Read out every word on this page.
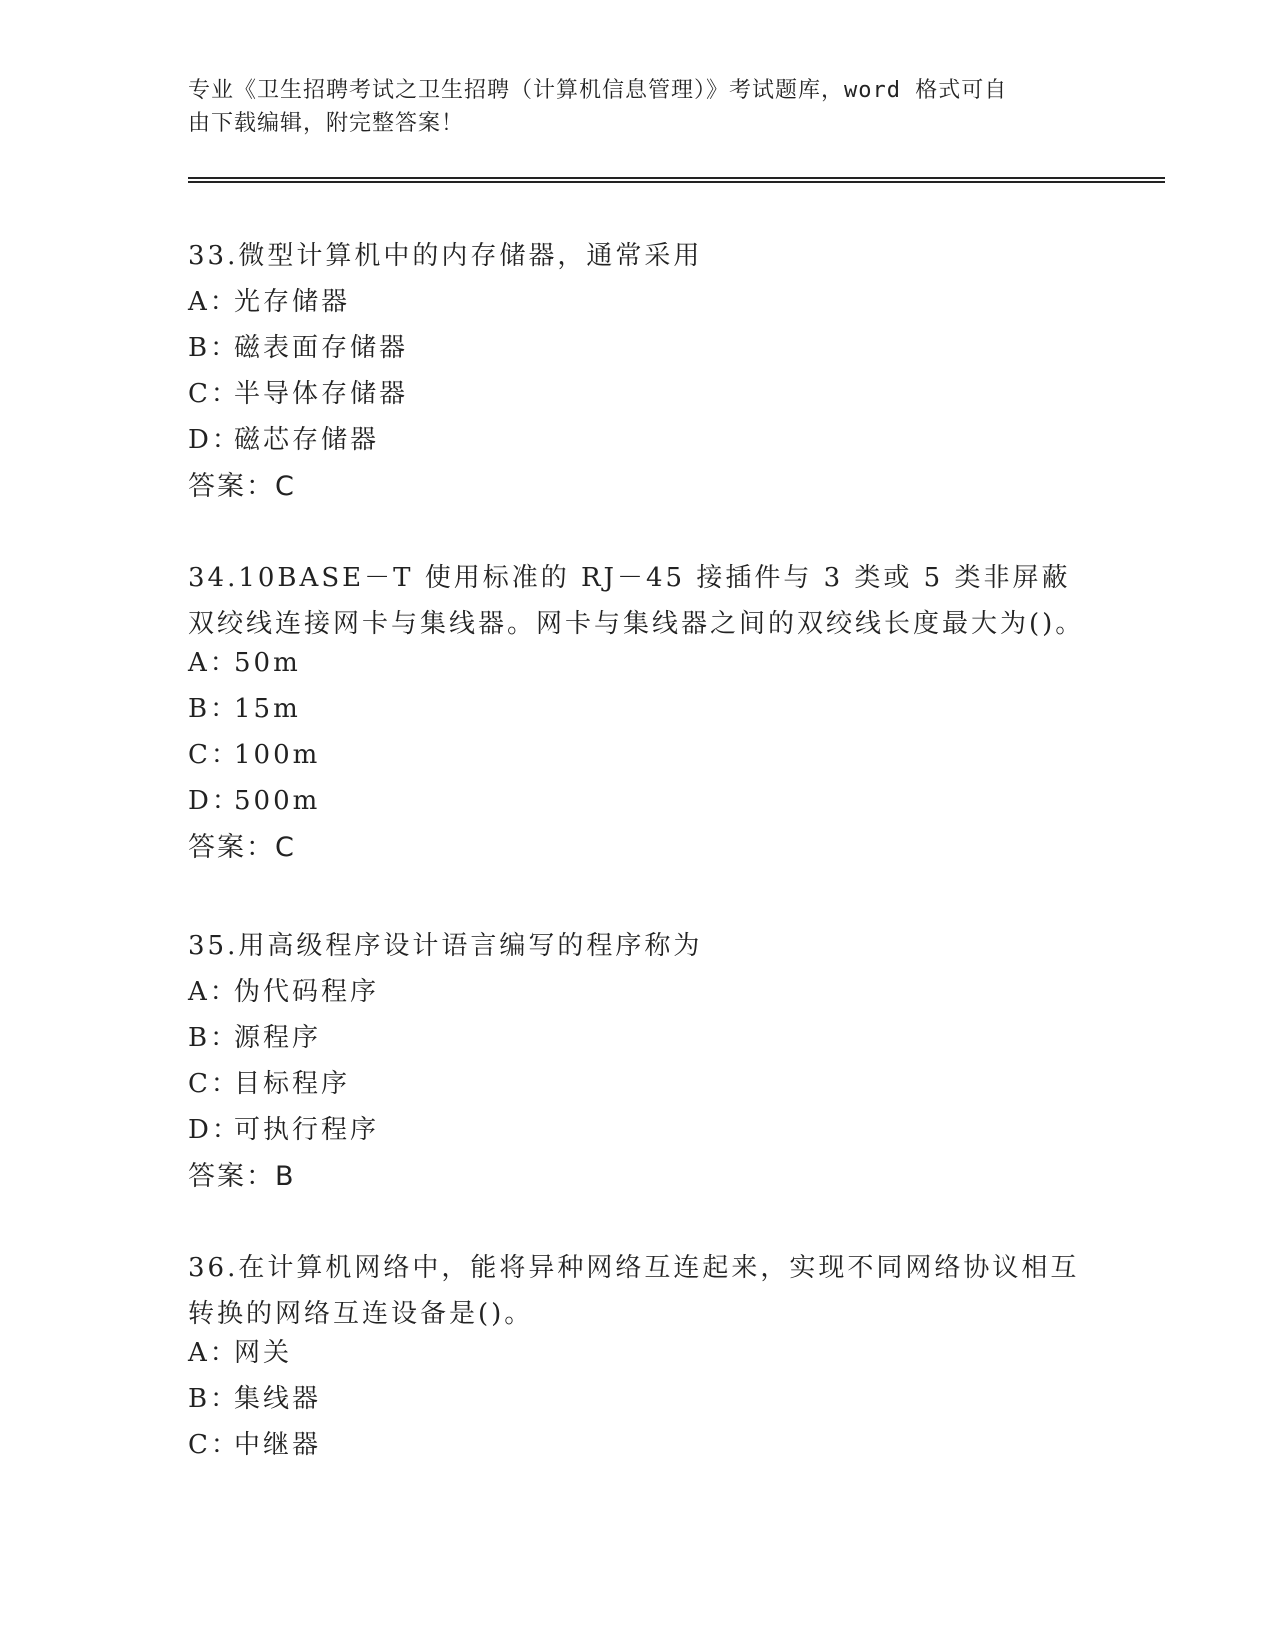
专业《卫生招聘考试之卫生招聘（计算机信息管理）》考试题库，word 格式可自
由下载编辑，附完整答案！

33.微型计算机中的内存储器，通常采用

A：
光存储器
B：
磁表面存储器
C：
半导体存储器
D：
磁芯存储器

答案：C

34.10BASE－T 使用标准的 RJ－45 接插件与 3 类或 5 类非屏蔽双绞线连接网卡与集线器。网卡与集线器之间的双绞线长度最大为()。

A：
50m
B：
15m
C：
100m
D：
500m

答案：C

35.用高级程序设计语言编写的程序称为

A：
伪代码程序
B：
源程序
C：
目标程序
D：
可执行程序

答案：B

36.在计算机网络中，能将异种网络互连起来，实现不同网络协议相互转换的网络互连设备是()。

A：
网关
B：
集线器
C：
中继器
